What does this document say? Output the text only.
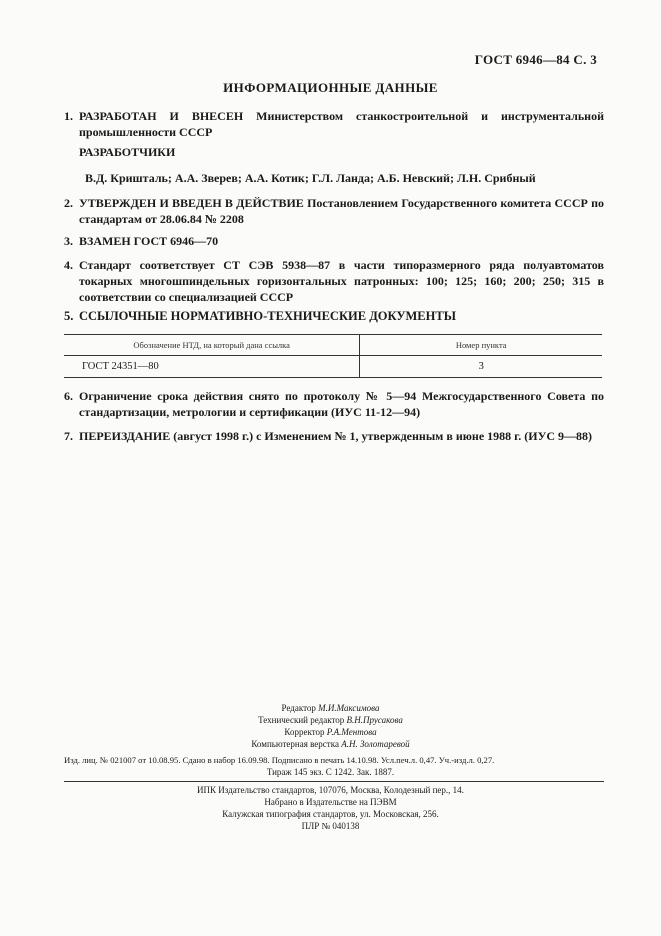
ГОСТ 6946—84 С. 3
ИНФОРМАЦИОННЫЕ ДАННЫЕ
1. РАЗРАБОТАН И ВНЕСЕН Министерством станкостроительной и инструментальной промышленности СССР
РАЗРАБОТЧИКИ
В.Д. Кришталь; А.А. Зверев; А.А. Котик; Г.Л. Ланда; А.Б. Невский; Л.Н. Срибный
2. УТВЕРЖДЕН И ВВЕДЕН В ДЕЙСТВИЕ Постановлением Государственного комитета СССР по стандартам от 28.06.84 № 2208
3. ВЗАМЕН ГОСТ 6946—70
4. Стандарт соответствует СТ СЭВ 5938—87 в части типоразмерного ряда полуавтоматов токарных многошпиндельных горизонтальных патронных: 100; 125; 160; 200; 250; 315 в соответствии со специализацией СССР
5. ССЫЛОЧНЫЕ НОРМАТИВНО-ТЕХНИЧЕСКИЕ ДОКУМЕНТЫ
Обозначение НТД, на который дана ссылка	Номер пункта
ГОСТ 24351—80	3
6. Ограничение срока действия снято по протоколу № 5—94 Межгосударственного Совета по стандартизации, метрологии и сертификации (ИУС 11-12—94)
7. ПЕРЕИЗДАНИЕ (август 1998 г.) с Изменением № 1, утвержденным в июне 1988 г. (ИУС 9—88)
Редактор М.И.Максимова
Технический редактор В.Н.Прусакова
Корректор Р.А.Ментова
Компьютерная верстка А.Н. Золотаревой
Изд. лиц. № 021007 от 10.08.95. Сдано в набор 16.09.98. Подписано в печать 14.10.98. Усл.печ.л. 0,47. Уч.-изд.л. 0,27.
Тираж 145 экз. С 1242. Зак. 1887.
ИПК Издательство стандартов, 107076, Москва, Колодезный пер., 14.
Набрано в Издательстве на ПЭВМ
Калужская типография стандартов, ул. Московская, 256.
ПЛР № 040138
